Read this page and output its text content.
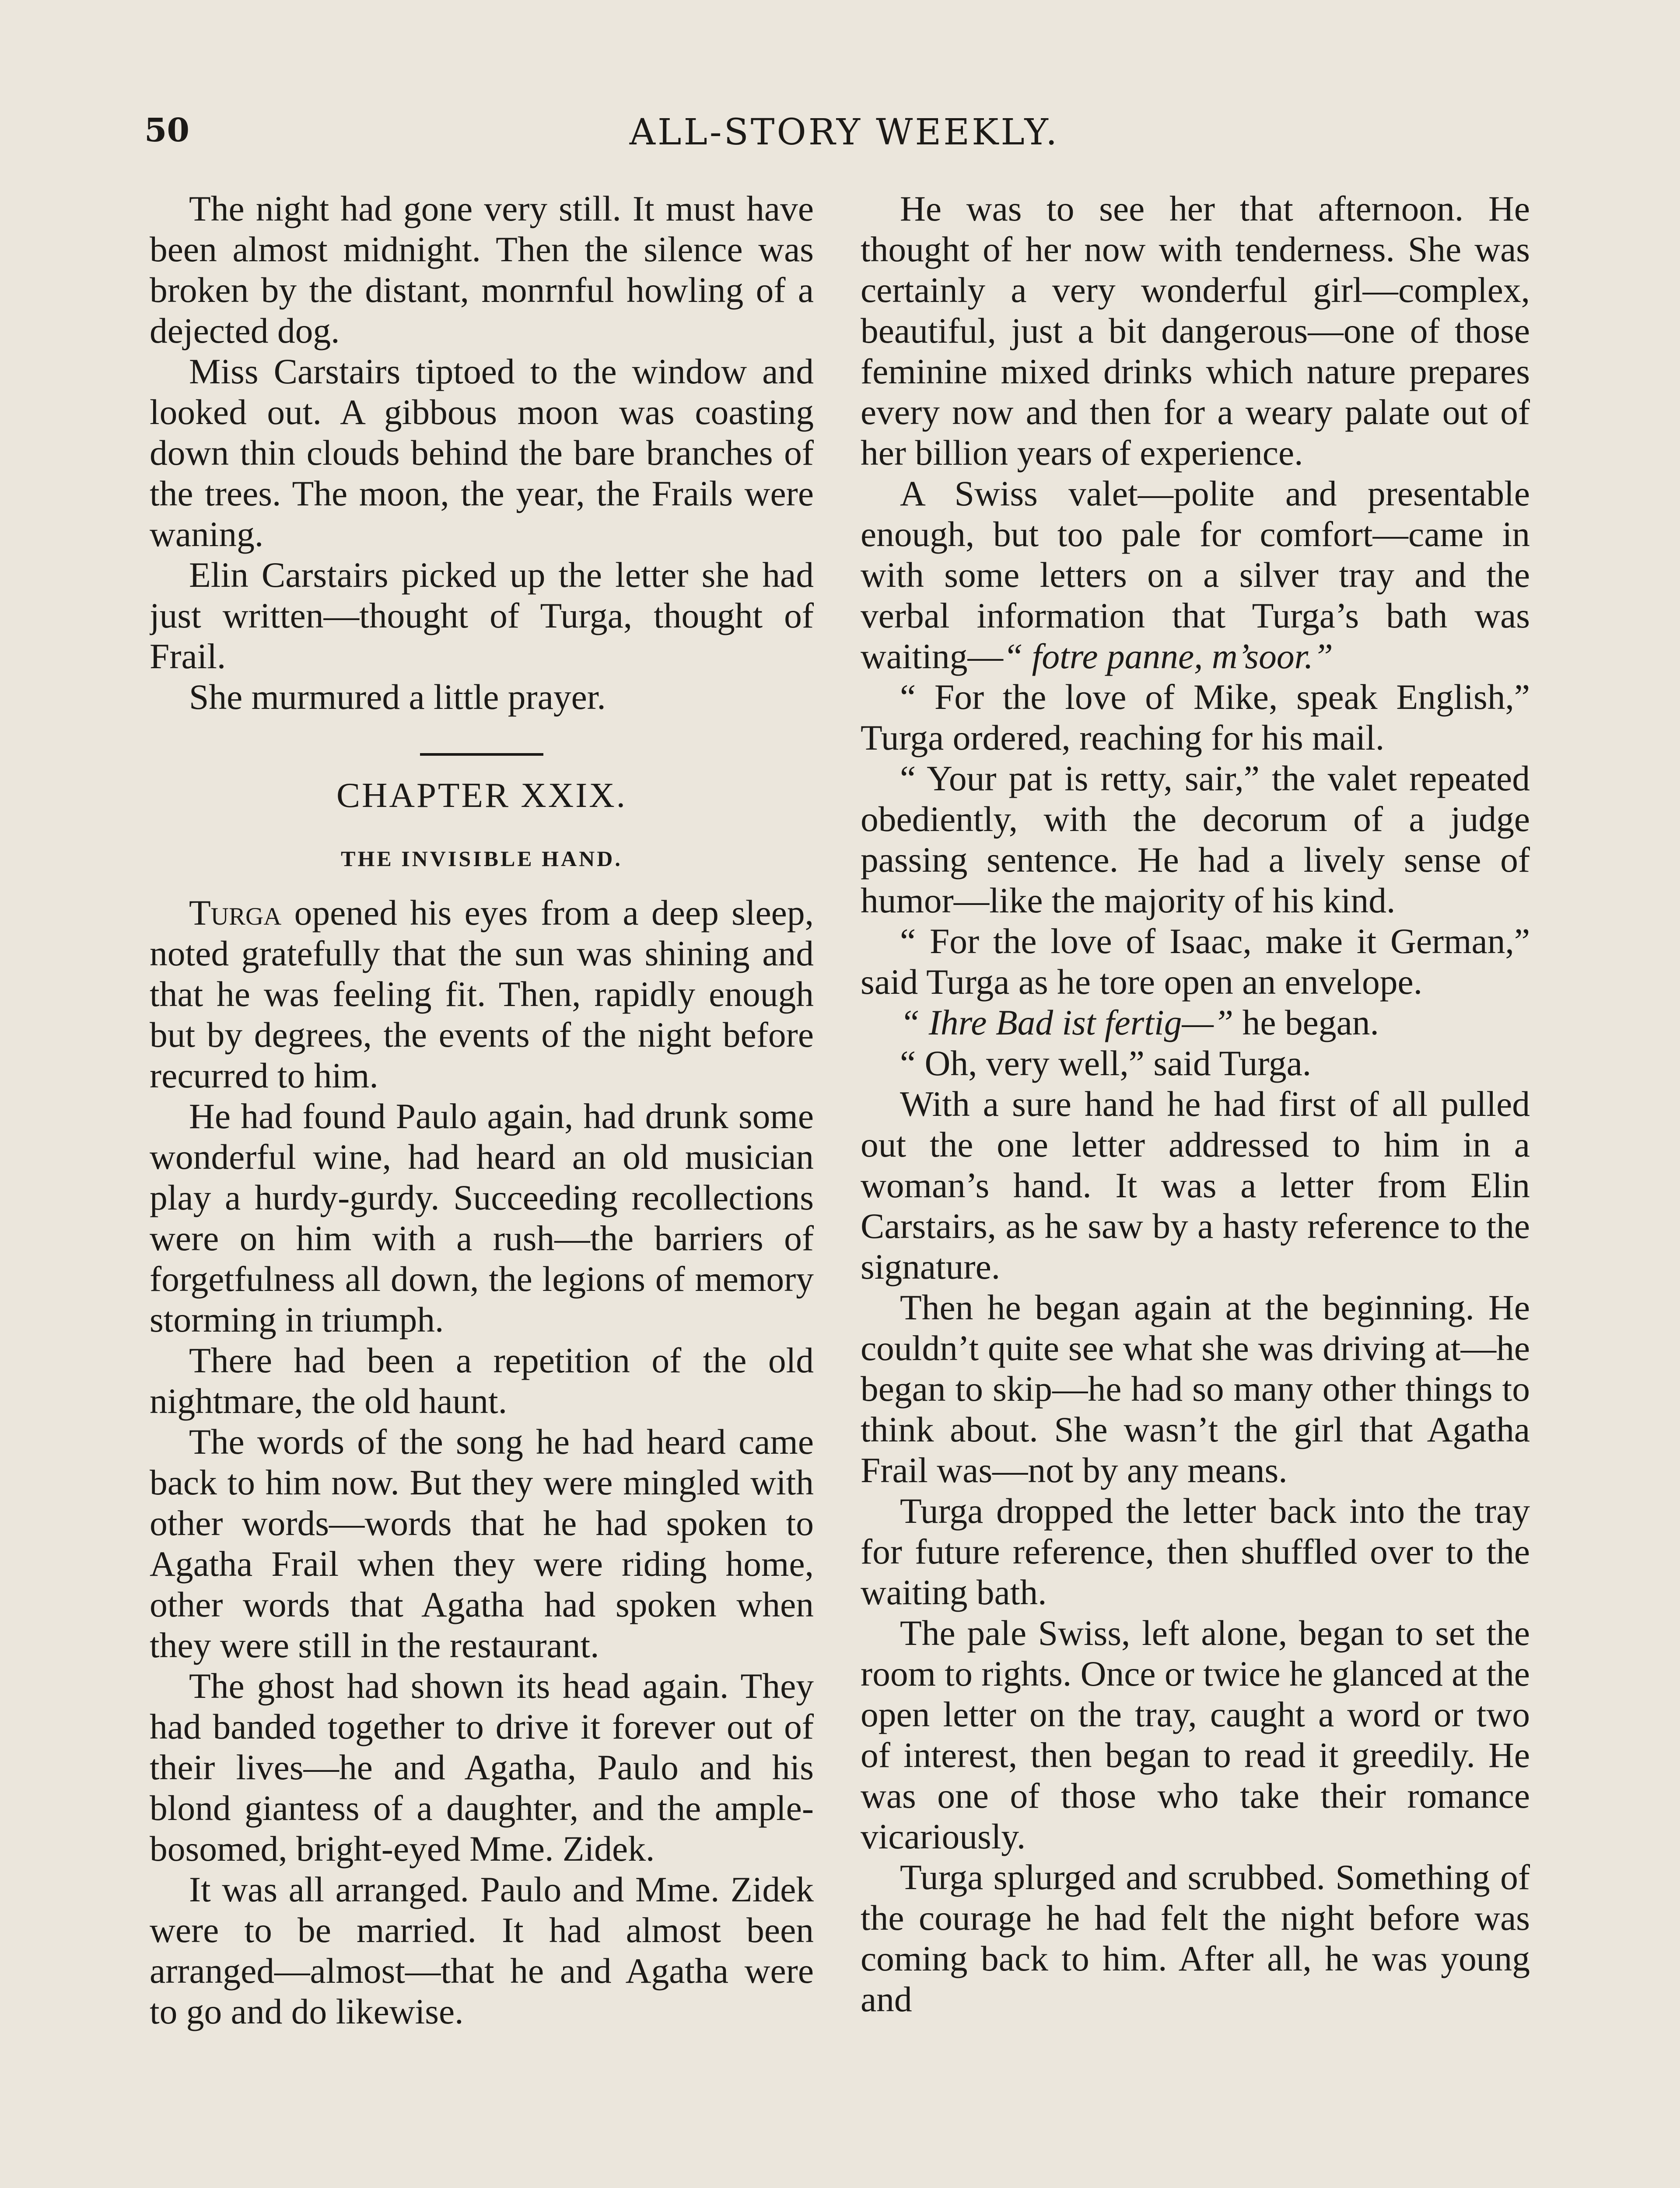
50	ALL-STORY WEEKLY.

The night had gone very still. It must have been almost midnight. Then the silence was broken by the distant, monrnful howling of a dejected dog.

Miss Carstairs tiptoed to the window and looked out. A gibbous moon was coasting down thin clouds behind the bare branches of the trees. The moon, the year, the Frails were waning.

Elin Carstairs picked up the letter she had just written—thought of Turga, thought of Frail.

She murmured a little prayer.

CHAPTER XXIX.
THE INVISIBLE HAND.

Turga opened his eyes from a deep sleep, noted gratefully that the sun was shining and that he was feeling fit. Then, rapidly enough but by degrees, the events of the night before recurred to him.

He had found Paulo again, had drunk some wonderful wine, had heard an old musician play a hurdy-gurdy. Succeeding recollections were on him with a rush—the barriers of forgetfulness all down, the legions of memory storming in triumph.

There had been a repetition of the old nightmare, the old haunt.

The words of the song he had heard came back to him now. But they were mingled with other words—words that he had spoken to Agatha Frail when they were riding home, other words that Agatha had spoken when they were still in the restaurant.

The ghost had shown its head again. They had banded together to drive it forever out of their lives—he and Agatha, Paulo and his blond giantess of a daughter, and the ample-bosomed, bright-eyed Mme. Zidek.

It was all arranged. Paulo and Mme. Zidek were to be married. It had almost been arranged—almost—that he and Agatha were to go and do likewise.

He was to see her that afternoon. He thought of her now with tenderness. She was certainly a very wonderful girl—complex, beautiful, just a bit dangerous—one of those feminine mixed drinks which nature prepares every now and then for a weary palate out of her billion years of experience.

A Swiss valet—polite and presentable enough, but too pale for comfort—came in with some letters on a silver tray and the verbal information that Turga’s bath was waiting—“ fotre panne, m’soor.”

“ For the love of Mike, speak English,” Turga ordered, reaching for his mail.

“ Your pat is retty, sair,” the valet repeated obediently, with the decorum of a judge passing sentence. He had a lively sense of humor—like the majority of his kind.

“ For the love of Isaac, make it German,” said Turga as he tore open an envelope.

“ Ihre Bad ist fertig—” he began.

“ Oh, very well,” said Turga.

With a sure hand he had first of all pulled out the one letter addressed to him in a woman’s hand. It was a letter from Elin Carstairs, as he saw by a hasty reference to the signature.

Then he began again at the beginning. He couldn’t quite see what she was driving at—he began to skip—he had so many other things to think about. She wasn’t the girl that Agatha Frail was—not by any means.

Turga dropped the letter back into the tray for future reference, then shuffled over to the waiting bath.

The pale Swiss, left alone, began to set the room to rights. Once or twice he glanced at the open letter on the tray, caught a word or two of interest, then began to read it greedily. He was one of those who take their romance vicariously.

Turga splurged and scrubbed. Something of the courage he had felt the night before was coming back to him. After all, he was young and
